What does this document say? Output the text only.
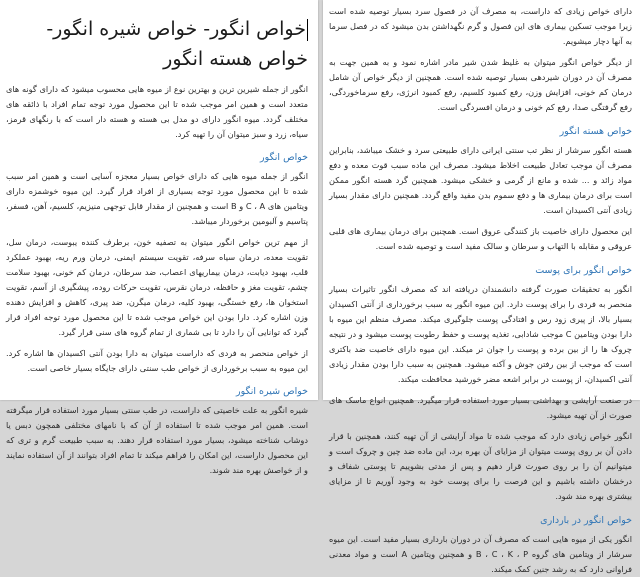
خواص انگور- خواص شیره انگور- خواص هسته انگور

انگور از جمله شیرین ترین و بهترین نوع از میوه هایی محسوب میشود که دارای گونه های متعدد است و همین امر موجب شده تا این محصول مورد توجه تمام افراد با ذائقه های مختلف گردد. میوه انگور دارای دو مدل بی هسته و هسته دار است که با رنگهای قرمز، سیاه، زرد و سبز میتوان آن را تهیه کرد.

خواص انگور

انگور از جمله میوه هایی که دارای خواص بسیار معجزه آسایی است و همین امر سبب شده تا این محصول مورد توجه بسیاری از افراد قرار گیرد. این میوه خوشمزه دارای ویتامین های C ، A و B است و همچنین از مقدار قابل توجهی منیزیم، کلسیم، آهن، فسفر، پتاسیم و آلبومین برخوردار میباشد.

از مهم ترین خواص انگور میتوان به تصفیه خون، برطرف کننده یبوست، درمان سل، تقویت معده، درمان سیاه سرفه، تقویت سیستم ایمنی، درمان ورم ریه، بهبود عملکرد قلب، بهبود دیابت، درمان بیماریهای اعصاب، ضد سرطان، درمان کم خونی، بهبود سلامت چشم، تقویت مغز و حافظه، درمان نقرس، تقویت حرکات روده، پیشگیری از آسم، تقویت استخوان ها، رفع خستگی، بهبود کلیه، درمان میگرن، ضد پیری، کاهش و افزایش دهنده وزن اشاره کرد. دارا بودن این خواص موجب شده تا این محصول مورد توجه افراد قرار گیرد که توانایی آن را دارد تا بی شماری از تمام گروه های سنی قرار گیرد.

از خواص منحصر به فردی که داراست میتوان به دارا بودن آنتی اکسیدان ها اشاره کرد. این میوه به سبب برخورداری از خواص طب سنتی دارای جایگاه بسیار خاصی است.

خواص شیره انگور

شیره انگور به علت خاصیتی که داراست، در طب سنتی بسیار مورد استفاده قرار میگرفته است. همین امر موجب شده تا استفاده از آن که با نامهای مختلفی همچون دبس یا دوشاب شناخته میشود، بسیار مورد استفاده قرار دهند. به سبب طبیعت گرم و تری که این محصول داراست، این امکان را فراهم میکند تا تمام افراد بتوانند از آن استفاده نمایند و از خواصش بهره مند شوند.

دارای خواص زیادی که داراست، به مصرف آن در فصول سرد بسیار توصیه شده است زیرا موجب تسکین بیماری های این فصول و گرم نگهداشتن بدن میشود که در فصل سرما به آنها دچار میشویم.

از دیگر خواص انگور میتوان به غلیظ شدن شیر مادر اشاره نمود و به همین جهت به مصرف آن در دوران شیردهی بسیار توصیه شده است. همچنین از دیگر خواص آن شامل درمان کم خونی، افزایش وزن، رفع کمبود کلسیم، رفع کمبود انرژی، رفع سرماخوردگی، رفع گرفتگی صدا، رفع کم خونی و درمان افسردگی است.

خواص هسته انگور

هسته انگور سرشار از نظر تب سنتی ایرانی دارای طبیعتی سرد و خشک میباشد، بنابراین مصرف آن موجب تعادل طبیعت اخلاط میشود. مصرف این ماده سبب قوت معده و دفع مواد زائد و ... شده و مانع از گرمی و خشکی میشود. همچنین گرد هسته انگور ممکن است برای درمان بیماری ها و دفع سموم بدن مفید واقع گردد. همچنین دارای مقدار بسیار زیادی آنتی اکسیدان است.

این محصول دارای خاصیت باز کنندگی عروق است. همچنین برای درمان بیماری های قلبی عروقی و مقابله با التهاب و سرطان و سالک مفید است و توصیه شده است.

خواص انگور برای پوست

انگور به تحقیقات صورت گرفته دانشمندان دریافته اند که مصرف انگور تاثیرات بسیار منحصر به فردی را برای پوست دارد. این میوه انگور به سبب برخورداری از آنتی اکسیدان بسیار بالا، از پیری زود رس و افتادگی پوست جلوگیری میکند. مصرف منظم این میوه با دارا بودن ویتامین C موجب شادابی، تغذیه پوست و حفظ رطوبت پوست میشود و در نتیجه چروک ها را از بین برده و پوست را جوان تر میکند. این میوه دارای خاصیت ضد باکتری است که موجب از بین رفتن جوش و آکنه میشود. همچنین به سبب دارا بودن مقدار زیادی آنتی اکسیدان، از پوست در برابر اشعه مضر خورشید محافظت میکند.

در صنعت آرایشی و بهداشتی بسیار مورد استفاده قرار میگیرد. همچنین انواع ماسک های صورت از آن تهیه میشود.

انگور خواص زیادی دارد که موجب شده تا مواد آرایشی از آن تهیه کنند، همچنین با قرار دادن آن بر روی پوست میتوان از مزایای آن بهره برد، این ماده ضد چین و چروک است و میتوانیم آن را بر روی صورت قرار دهیم و پس از مدتی بشوییم تا پوستی شفاف و درخشان داشته باشیم و این فرصت را برای پوست خود به وجود آوریم تا از مزایای بیشتری بهره مند شود.

خواص انگور در بارداری

انگور یکی از میوه هایی است که مصرف آن در دوران بارداری بسیار مفید است. این میوه سرشار از ویتامین های گروه B ، C ، K ، P و همچنین ویتامین A است و مواد معدنی فراوانی دارد که به رشد جنین کمک میکند.
